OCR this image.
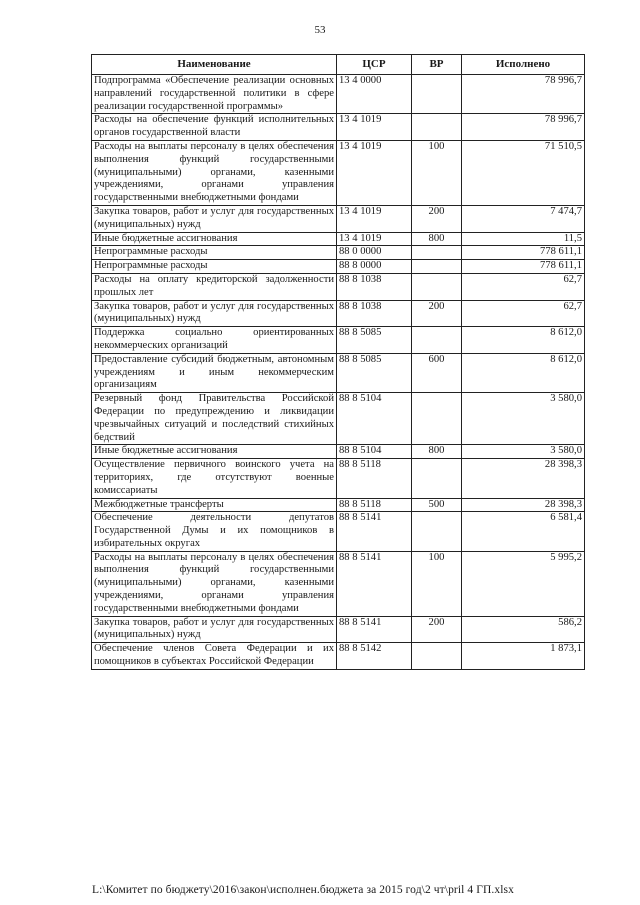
53
Наименование	ЦСР	ВР	Исполнено
Подпрограмма «Обеспечение реализации основных направлений государственной политики в сфере реализации государственной программы»	13 4 0000		78 996,7
Расходы на обеспечение функций исполнительных органов государственной власти	13 4 1019		78 996,7
Расходы на выплаты персоналу в целях обеспечения выполнения функций государственными (муниципальными) органами, казенными учреждениями, органами управления государственными внебюджетными фондами	13 4 1019	100	71 510,5
Закупка товаров, работ и услуг для государственных (муниципальных) нужд	13 4 1019	200	7 474,7
Иные бюджетные ассигнования	13 4 1019	800	11,5
Непрограммные расходы	88 0 0000		778 611,1
Непрограммные расходы	88 8 0000		778 611,1
Расходы на оплату кредиторской задолженности прошлых лет	88 8 1038		62,7
Закупка товаров, работ и услуг для государственных (муниципальных) нужд	88 8 1038	200	62,7
Поддержка социально ориентированных некоммерческих организаций	88 8 5085		8 612,0
Предоставление субсидий бюджетным, автономным учреждениям и иным некоммерческим организациям	88 8 5085	600	8 612,0
Резервный фонд Правительства Российской Федерации по предупреждению и ликвидации чрезвычайных ситуаций и последствий стихийных бедствий	88 8 5104		3 580,0
Иные бюджетные ассигнования	88 8 5104	800	3 580,0
Осуществление первичного воинского учета на территориях, где отсутствуют военные комиссариаты	88 8 5118		28 398,3
Межбюджетные трансферты	88 8 5118	500	28 398,3
Обеспечение деятельности депутатов Государственной Думы и их помощников в избирательных округах	88 8 5141		6 581,4
Расходы на выплаты персоналу в целях обеспечения выполнения функций государственными (муниципальными) органами, казенными учреждениями, органами управления государственными внебюджетными фондами	88 8 5141	100	5 995,2
Закупка товаров, работ и услуг для государственных (муниципальных) нужд	88 8 5141	200	586,2
Обеспечение членов Совета Федерации и их помощников в субъектах Российской Федерации	88 8 5142		1 873,1
L:\Комитет по бюджету\2016\закон\исполнен.бюджета за 2015 год\2 чт\pril 4 ГП.xlsx
